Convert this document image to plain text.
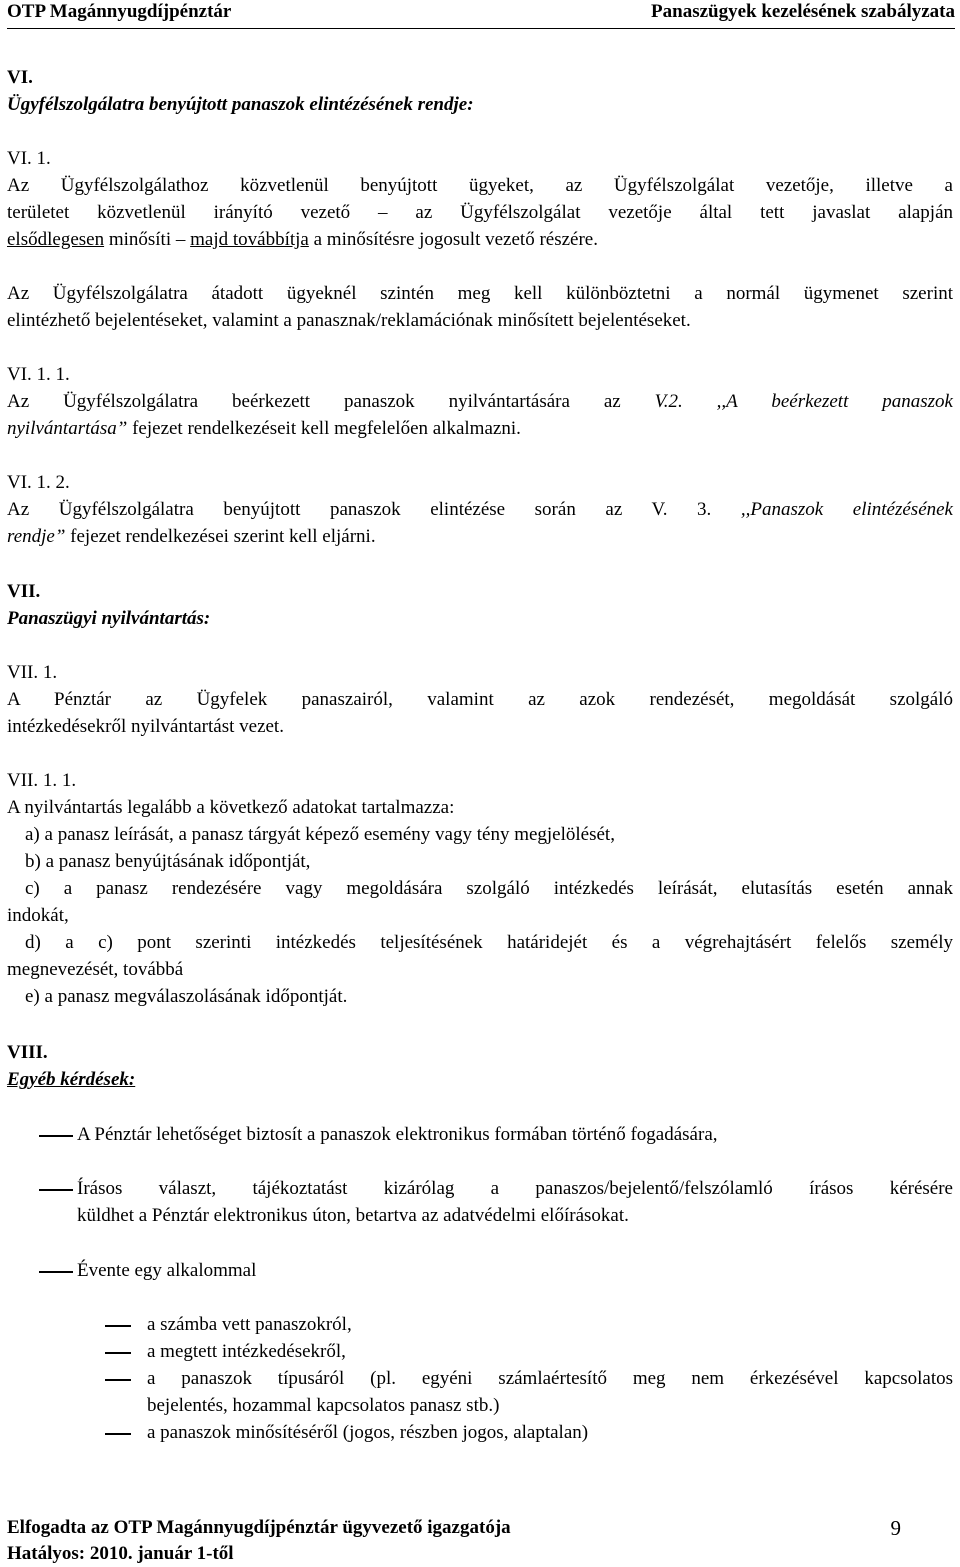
OTP Magánnyugdíjpénztár	Panaszügyek kezelésének szabályzata
VI.
Ügyfélszolgálatra benyújtott panaszok elintézésének rendje:
VI. 1.
Az Ügyfélszolgálathoz közvetlenül benyújtott ügyeket, az Ügyfélszolgálat vezetője, illetve a
területet közvetlenül irányító vezető – az Ügyfélszolgálat vezetője által tett javaslat alapján
elsődlegesen minősíti – majd továbbítja a minősítésre jogosult vezető részére.
Az Ügyfélszolgálatra átadott ügyeknél szintén meg kell különböztetni a normál ügymenet szerint
elintézhető bejelentéseket, valamint a panasznak/reklamációnak minősített bejelentéseket.
VI. 1. 1.
Az Ügyfélszolgálatra beérkezett panaszok nyilvántartására az V.2. ,,A beérkezett panaszok
nyilvántartása” fejezet rendelkezéseit kell megfelelően alkalmazni.
VI. 1. 2.
Az Ügyfélszolgálatra benyújtott panaszok elintézése során az V. 3. ,,Panaszok elintézésének
rendje” fejezet rendelkezései szerint kell eljárni.
VII.
Panaszügyi nyilvántartás:
VII. 1.
A Pénztár az Ügyfelek panaszairól, valamint az azok rendezését, megoldását szolgáló
intézkedésekről nyilvántartást vezet.
VII. 1. 1.
A nyilvántartás legalább a következő adatokat tartalmazza:
a) a panasz leírását, a panasz tárgyát képező esemény vagy tény megjelölését,
b) a panasz benyújtásának időpontját,
c) a panasz rendezésére vagy megoldására szolgáló intézkedés leírását, elutasítás esetén annak
indokát,
d) a c) pont szerinti intézkedés teljesítésének határidejét és a végrehajtásért felelős személy
megnevezését, továbbá
e) a panasz megválaszolásának időpontját.
VIII.
Egyéb kérdések:
A Pénztár lehetőséget biztosít a panaszok elektronikus formában történő fogadására,
Írásos választ, tájékoztatást kizárólag a panaszos/bejelentő/felszólamló írásos kérésére
küldhet a Pénztár elektronikus úton, betartva az adatvédelmi előírásokat.
Évente egy alkalommal
a számba vett panaszokról,
a megtett intézkedésekről,
a panaszok típusáról (pl. egyéni számlaértesítő meg nem érkezésével kapcsolatos
bejelentés, hozammal kapcsolatos panasz stb.)
a panaszok minősítéséről (jogos, részben jogos, alaptalan)
Elfogadta az OTP Magánnyugdíjpénztár ügyvezető igazgatója
Hatályos: 2010. január 1-től
9
